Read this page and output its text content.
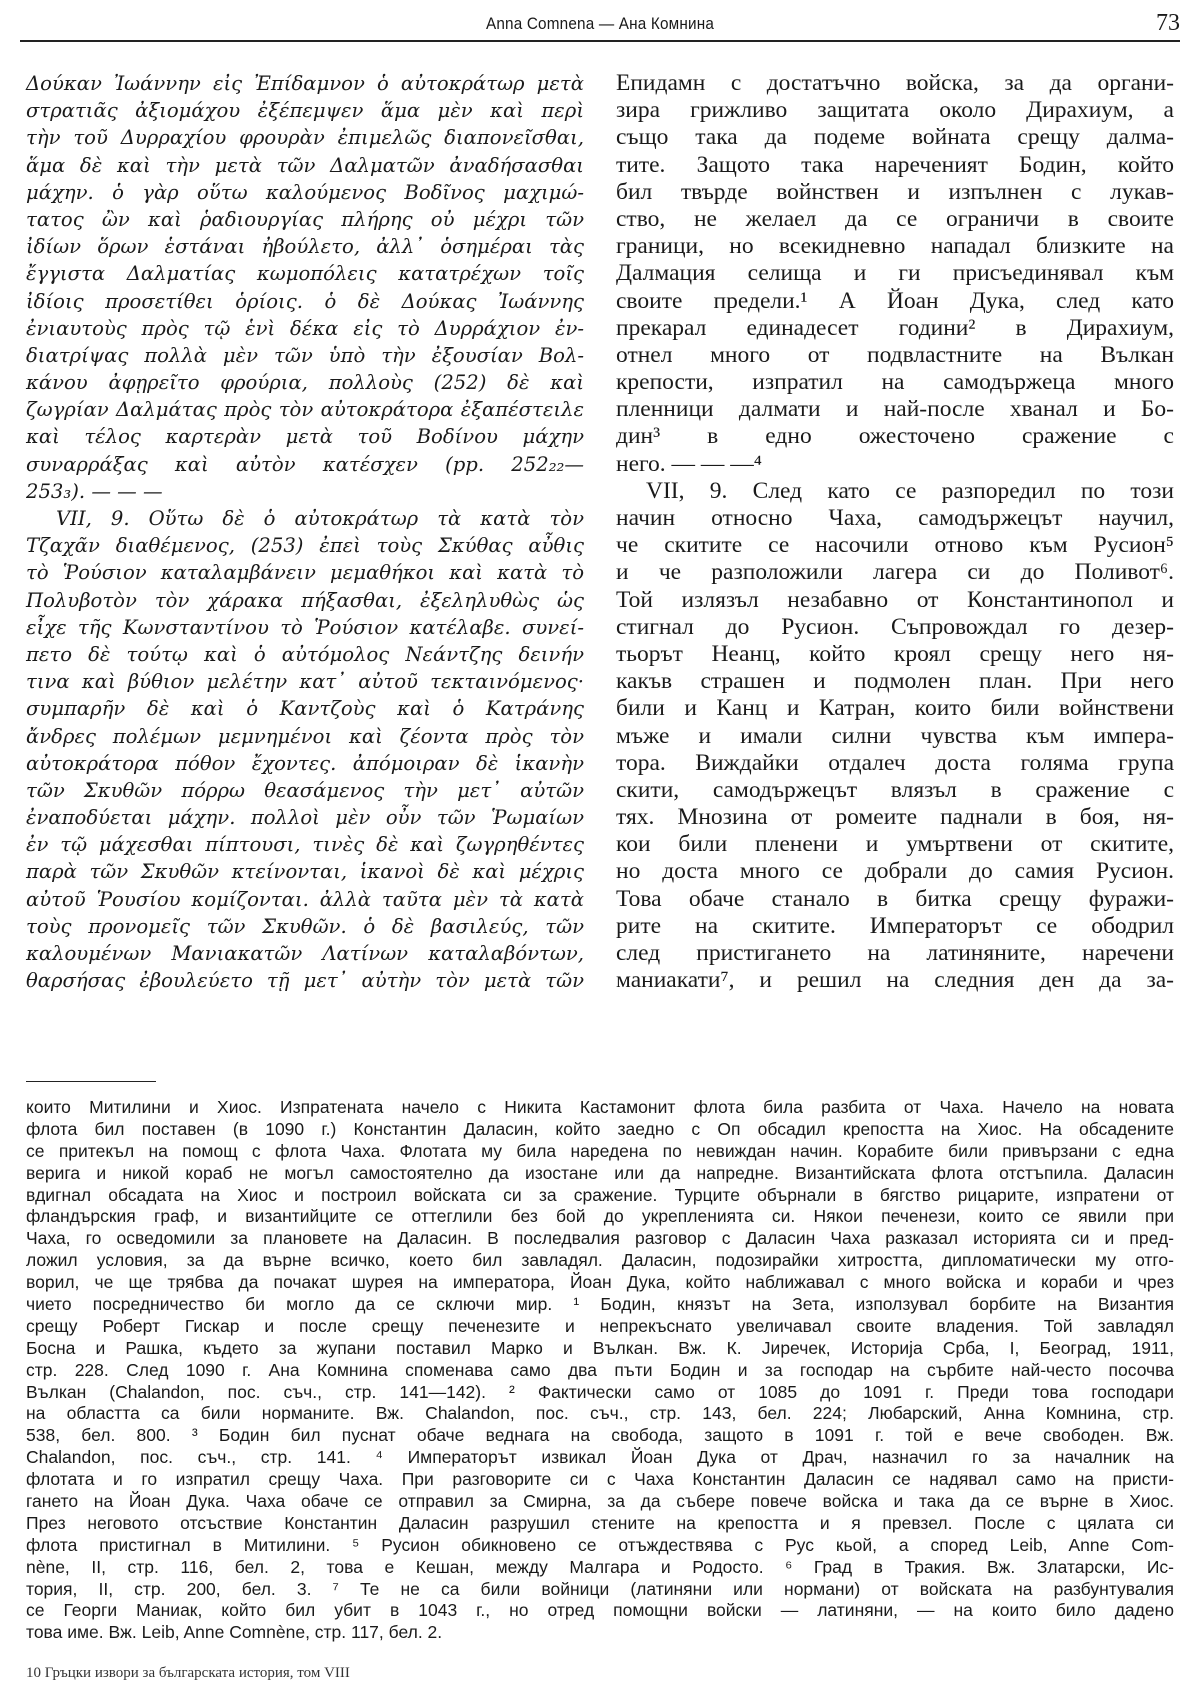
Anna Comnena — Ана Комнина	73
Δούκαν Ἰωάννην εἰς Ἐπίδαμνον ὁ αὐτοκράτωρ μετὰ
στρατιᾶς ἀξιομάχου ἐξέπεμψεν ἅμα μὲν καὶ περὶ
τὴν τοῦ Δυρραχίου φρουρὰν ἐπιμελῶς διαπονεῖσθαι,
ἅμα δὲ καὶ τὴν μετὰ τῶν Δαλματῶν ἀναδήσασθαι
μάχην. ὁ γὰρ οὕτω καλούμενος Βοδῖνος μαχιμώ-
τατος ὢν καὶ ῥαδιουργίας πλήρης οὐ μέχρι τῶν
ἰδίων ὅρων ἑστάναι ἠβούλετο, ἀλλ᾿ ὁσημέραι τὰς
ἔγγιστα Δαλματίας κωμοπόλεις κατατρέχων τοῖς
ἰδίοις προσετίθει ὁρίοις. ὁ δὲ Δούκας Ἰωάννης
ἐνιαυτοὺς πρὸς τῷ ἑνὶ δέκα εἰς τὸ Δυρράχιον ἐν-
διατρίψας πολλὰ μὲν τῶν ὑπὸ τὴν ἐξουσίαν Βολ-
κάνου ἀφῃρεῖτο φρούρια, πολλοὺς (252) δὲ καὶ
ζωγρίαν Δαλμάτας πρὸς τὸν αὐτοκράτορα ἐξαπέστειλε
καὶ τέλος καρτερὰν μετὰ τοῦ Βοδίνου μάχην
συναρράξας καὶ αὐτὸν κατέσχεν (pp. 252₂₂—
253₃). — — —
VII, 9. Οὕτω δὲ ὁ αὐτοκράτωρ τὰ κατὰ τὸν
Τζαχᾶν διαθέμενος, (253) ἐπεὶ τοὺς Σκύθας αὖθις
τὸ Ῥούσιον καταλαμβάνειν μεμαθήκοι καὶ κατὰ τὸ
Πολυβοτὸν τὸν χάρακα πήξασθαι, ἐξεληλυθὼς ὡς
εἶχε τῆς Κωνσταντίνου τὸ Ῥούσιον κατέλαβε. συνεί-
πετο δὲ τούτῳ καὶ ὁ αὐτόμολος Νεάντζης δεινήν
τινα καὶ βύθιον μελέτην κατ᾿ αὐτοῦ τεκταινόμενος·
συμπαρῆν δὲ καὶ ὁ Καντζοὺς καὶ ὁ Κατράνης
ἄνδρες πολέμων μεμνημένοι καὶ ζέοντα πρὸς τὸν
αὐτοκράτορα πόθον ἔχοντες. ἀπόμοιραν δὲ ἱκανὴν
τῶν Σκυθῶν πόρρω θεασάμενος τὴν μετ᾿ αὐτῶν
ἐναποδύεται μάχην. πολλοὶ μὲν οὖν τῶν Ῥωμαίων
ἐν τῷ μάχεσθαι πίπτουσι, τινὲς δὲ καὶ ζωγρηθέντες
παρὰ τῶν Σκυθῶν κτείνονται, ἱκανοὶ δὲ καὶ μέχρις
αὐτοῦ Ῥουσίου κομίζονται. ἀλλὰ ταῦτα μὲν τὰ κατὰ
τοὺς προνομεῖς τῶν Σκυθῶν. ὁ δὲ βασιλεύς, τῶν
καλουμένων Μανιακατῶν Λατίνων καταλαβόντων,
θαρσήσας ἐβουλεύετο τῇ μετ᾿ αὐτὴν τὸν μετὰ τῶν
Епидамн с достатъчно войска, за да органи-
зира грижливо защитата около Дирахиум, а
също така да подеме войната срещу далма-
тите. Защото така нареченият Бодин, който
бил твърде войнствен и изпълнен с лукав-
ство, не желаел да се ограничи в своите
граници, но всекидневно нападал близките на
Далмация селища и ги присъединявал към
своите предели.¹ А Йоан Дука, след като
прекарал единадесет години² в Дирахиум,
отнел много от подвластните на Вълкан
крепости, изпратил на самодържеца много
пленници далмати и най-после хванал и Бо-
дин³ в едно ожесточено сражение с
него. — — —⁴
VII, 9. След като се разпоредил по този
начин относно Чаха, самодържецът научил,
че скитите се насочили отново към Русион⁵
и че разположили лагера си до Поливот⁶.
Той излязъл незабавно от Константинопол и
стигнал до Русион. Съпровождал го дезер-
тьорът Неанц, който кроял срещу него ня-
какъв страшен и подмолен план. При него
били и Канц и Катран, които били войнствени
мъже и имали силни чувства към импера-
тора. Виждайки отдалеч доста голяма група
скити, самодържецът влязъл в сражение с
тях. Мнозина от ромеите паднали в боя, ня-
кои били пленени и умъртвени от скитите,
но доста много се добрали до самия Русион.
Това обаче станало в битка срещу фуражи-
рите на скитите. Императорът се ободрил
след пристигането на латиняните, наречени
маниакати⁷, и решил на следния ден да за-
които Митилини и Хиос. Изпратената начело с Никита Кастамонит флота била разбита от Чаха. Начело на новата
флота бил поставен (в 1090 г.) Константин Даласин, който заедно с Оп обсадил крепостта на Хиос. На обсадените
се притекъл на помощ с флота Чаха. Флотата му била наредена по невиждан начин. Корабите били привързани с една
верига и никой кораб не могъл самостоятелно да изостане или да напредне. Византийската флота отстъпила. Даласин
вдигнал обсадата на Хиос и построил войската си за сражение. Турците обърнали в бягство рицарите, изпратени от
фландърския граф, и византийците се оттеглили без бой до укрепленията си. Някои печенези, които се явили при
Чаха, го осведомили за плановете на Даласин. В последвалия разговор с Даласин Чаха разказал историята си и пред-
ложил условия, за да върне всичко, което бил завладял. Даласин, подозирайки хитростта, дипломатически му отго-
ворил, че ще трябва да почакат шурея на императора, Йоан Дука, който наближавал с много войска и кораби и чрез
чието посредничество би могло да се сключи мир. ¹ Бодин, князът на Зета, използувал борбите на Византия
срещу Роберт Гискар и после срещу печенезите и непрекъснато увеличавал своите владения. Той завладял
Босна и Рашка, където за жупани поставил Марко и Вълкан. Вж. К. Јиречек, Историја Срба, I, Београд, 1911,
стр. 228. След 1090 г. Ана Комнина споменава само два пъти Бодин и за господар на сърбите най-често посочва
Вълкан (Chalandon, пос. съч., стр. 141—142). ² Фактически само от 1085 до 1091 г. Преди това господари
на областта са били норманите. Вж. Chalandon, пос. съч., стр. 143, бел. 224; Любарский, Анна Комнина, стр.
538, бел. 800. ³ Бодин бил пуснат обаче веднага на свобода, защото в 1091 г. той е вече свободен. Вж.
Chalandon, пос. съч., стр. 141. ⁴ Императорът извикал Йоан Дука от Драч, назначил го за началник на
флотата и го изпратил срещу Чаха. При разговорите си с Чаха Константин Даласин се надявал само на присти-
гането на Йоан Дука. Чаха обаче се отправил за Смирна, за да събере повече войска и така да се върне в Хиос.
През неговото отсъствие Константин Даласин разрушил стените на крепостта и я превзел. После с цялата си
флота пристигнал в Митилини. ⁵ Русион обикновено се отъждествява с Рус кьой, а според Leib, Anne Com-
nène, II, стр. 116, бел. 2, това е Кешан, между Малгара и Родосто. ⁶ Град в Тракия. Вж. Златарски, Ис-
тория, II, стр. 200, бел. 3. ⁷ Те не са били войници (латиняни или нормани) от войската на разбунтувалия
се Георги Маниак, който бил убит в 1043 г., но отред помощни войски — латиняни, — на които било дадено
това име. Вж. Leib, Anne Comnène, стр. 117, бел. 2.
10 Гръцки извори за българската история, том VIII
